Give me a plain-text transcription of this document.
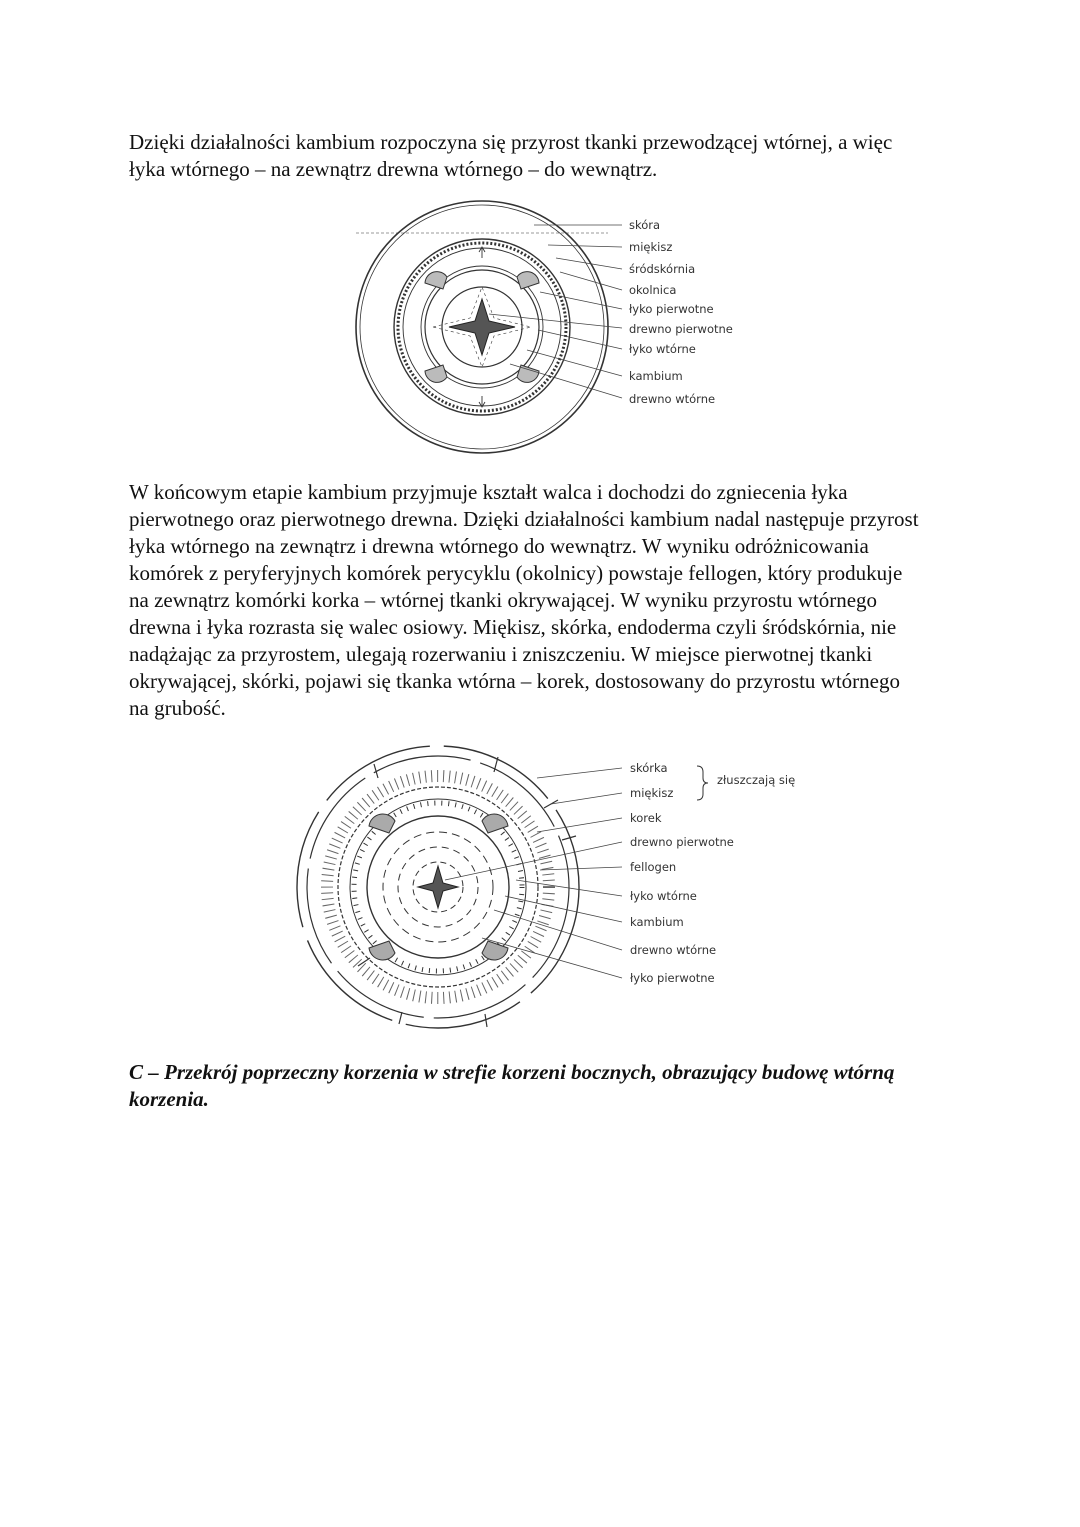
Dzięki działalności kambium rozpoczyna się przyrost tkanki przewodzącej wtórnej, a więc
łyka wtórnego – na zewnątrz drewna wtórnego – do wewnątrz.

skóra
miękisz
śródskórnia
okolnica
łyko pierwotne
drewno pierwotne
łyko wtórne
kambium
drewno wtórne

W końcowym etapie kambium przyjmuje kształt walca i dochodzi do zgniecenia łyka
pierwotnego oraz pierwotnego drewna. Dzięki działalności kambium nadal następuje przyrost
łyka wtórnego na zewnątrz i drewna wtórnego do wewnątrz. W wyniku odróżnicowania
komórek z peryferyjnych komórek perycyklu (okolnicy) powstaje fellogen, który produkuje
na zewnątrz komórki korka – wtórnej tkanki okrywającej. W wyniku przyrostu wtórnego
drewna i łyka rozrasta się walec osiowy. Miękisz, skórka, endoderma czyli śródskórnia, nie
nadążając za przyrostem, ulegają rozerwaniu i zniszczeniu. W miejsce pierwotnej tkanki
okrywającej, skórki, pojawi się tkanka wtórna – korek, dostosowany do przyrostu wtórnego
na grubość.

skórka
miękisz
korek
drewno pierwotne
fellogen
łyko wtórne
kambium
drewno wtórne
łyko pierwotne
złuszczają się

C – Przekrój poprzeczny korzenia w strefie korzeni bocznych, obrazujący budowę wtórną
korzenia.
